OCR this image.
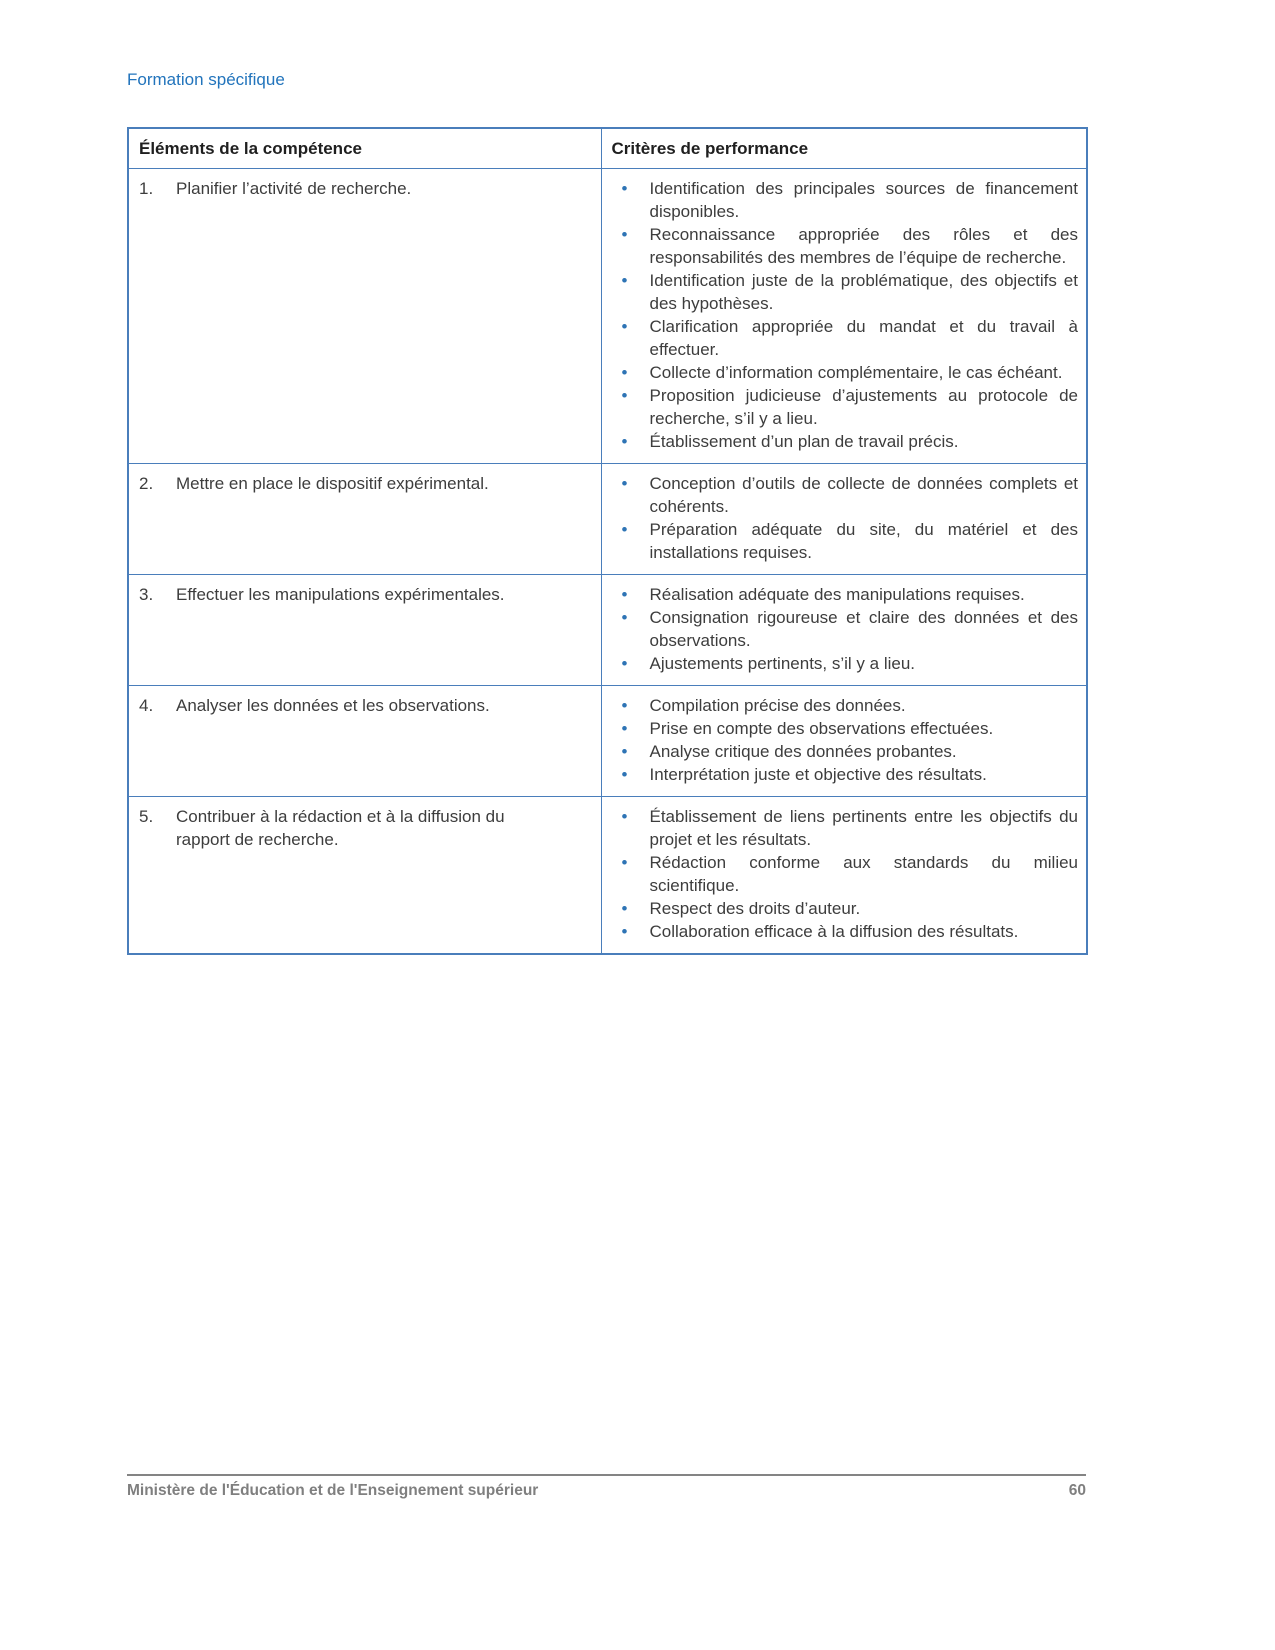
Formation spécifique
Éléments de la compétence	Critères de performance

1.	Planifier l’activité de recherche.

•Identification des principales sources de financement disponibles.
• Reconnaissance appropriée des rôles et des responsabilités des membres de l’équipe de recherche.
• Identification juste de la problématique, des objectifs et des hypothèses.
• Clarification appropriée du mandat et du travail à effectuer.
• Collecte d’information complémentaire, le cas échéant.
• Proposition judicieuse d’ajustements au protocole de recherche, s’il y a lieu.
• Établissement d’un plan de travail précis.

2.	Mettre en place le dispositif expérimental.

•Conception d’outils de collecte de données complets et cohérents.
• Préparation adéquate du site, du matériel et des installations requises.

3.	Effectuer les manipulations expérimentales.

•Réalisation adéquate des manipulations requises.
• Consignation rigoureuse et claire des données et des observations.
• Ajustements pertinents, s’il y a lieu.

4.	Analyser les données et les observations.

•Compilation précise des données.
• Prise en compte des observations effectuées.
• Analyse critique des données probantes.
• Interprétation juste et objective des résultats.

5.	Contribuer à la rédaction et à la diffusion du rapport de recherche.

• Établissement de liens pertinents entre les objectifs du projet et les résultats.
• Rédaction conforme aux standards du milieu scientifique.
• Respect des droits d’auteur.
• Collaboration efficace à la diffusion des résultats.
Ministère de l'Éducation et de l'Enseignement supérieur	60
